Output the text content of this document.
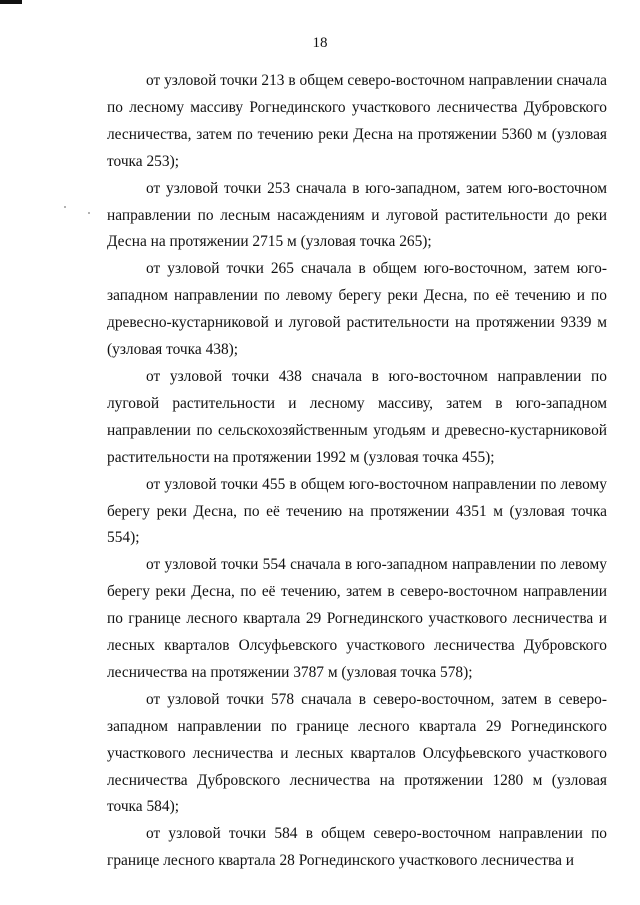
18

от узловой точки 213 в общем северо-восточном направлении сначала по лесному массиву Рогнединского участкового лесничества Дубровского лесничества, затем по течению реки Десна на протяжении 5360 м (узловая точка 253);

от узловой точки 253 сначала в юго-западном, затем юго-восточном направлении по лесным насаждениям и луговой растительности до реки Десна на протяжении 2715 м (узловая точка 265);

от узловой точки 265 сначала в общем юго-восточном, затем юго-западном направлении по левому берегу реки Десна, по её течению и по древесно-кустарниковой и луговой растительности на протяжении 9339 м (узловая точка 438);

от узловой точки 438 сначала в юго-восточном направлении по луговой растительности и лесному массиву, затем в юго-западном направлении по сельскохозяйственным угодьям и древесно-кустарниковой растительности на протяжении 1992 м (узловая точка 455);

от узловой точки 455 в общем юго-восточном направлении по левому берегу реки Десна, по её течению на протяжении 4351 м (узловая точка 554);

от узловой точки 554 сначала в юго-западном направлении по левому берегу реки Десна, по её течению, затем в северо-восточном направлении по границе лесного квартала 29 Рогнединского участкового лесничества и лесных кварталов Олсуфьевского участкового лесничества Дубровского лесничества на протяжении 3787 м (узловая точка 578);

от узловой точки 578 сначала в северо-восточном, затем в северо-западном направлении по границе лесного квартала 29 Рогнединского участкового лесничества и лесных кварталов Олсуфьевского участкового лесничества Дубровского лесничества на протяжении 1280 м (узловая точка 584);

от узловой точки 584 в общем северо-восточном направлении по границе лесного квартала 28 Рогнединского участкового лесничества и
